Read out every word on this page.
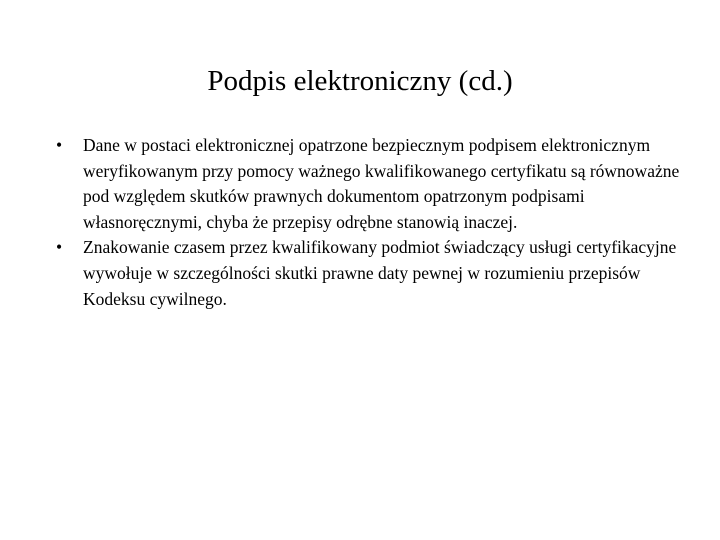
Podpis elektroniczny (cd.)
•	Dane w postaci elektronicznej opatrzone bezpiecznym podpisem elektronicznym weryfikowanym przy pomocy ważnego kwalifikowanego certyfikatu są równoważne pod względem skutków prawnych dokumentom opatrzonym podpisami własnoręcznymi, chyba że przepisy odrębne stanowią inaczej.
•	Znakowanie czasem przez kwalifikowany podmiot świadczący usługi certyfikacyjne wywołuje w szczególności skutki prawne daty pewnej w rozumieniu przepisów Kodeksu cywilnego.
